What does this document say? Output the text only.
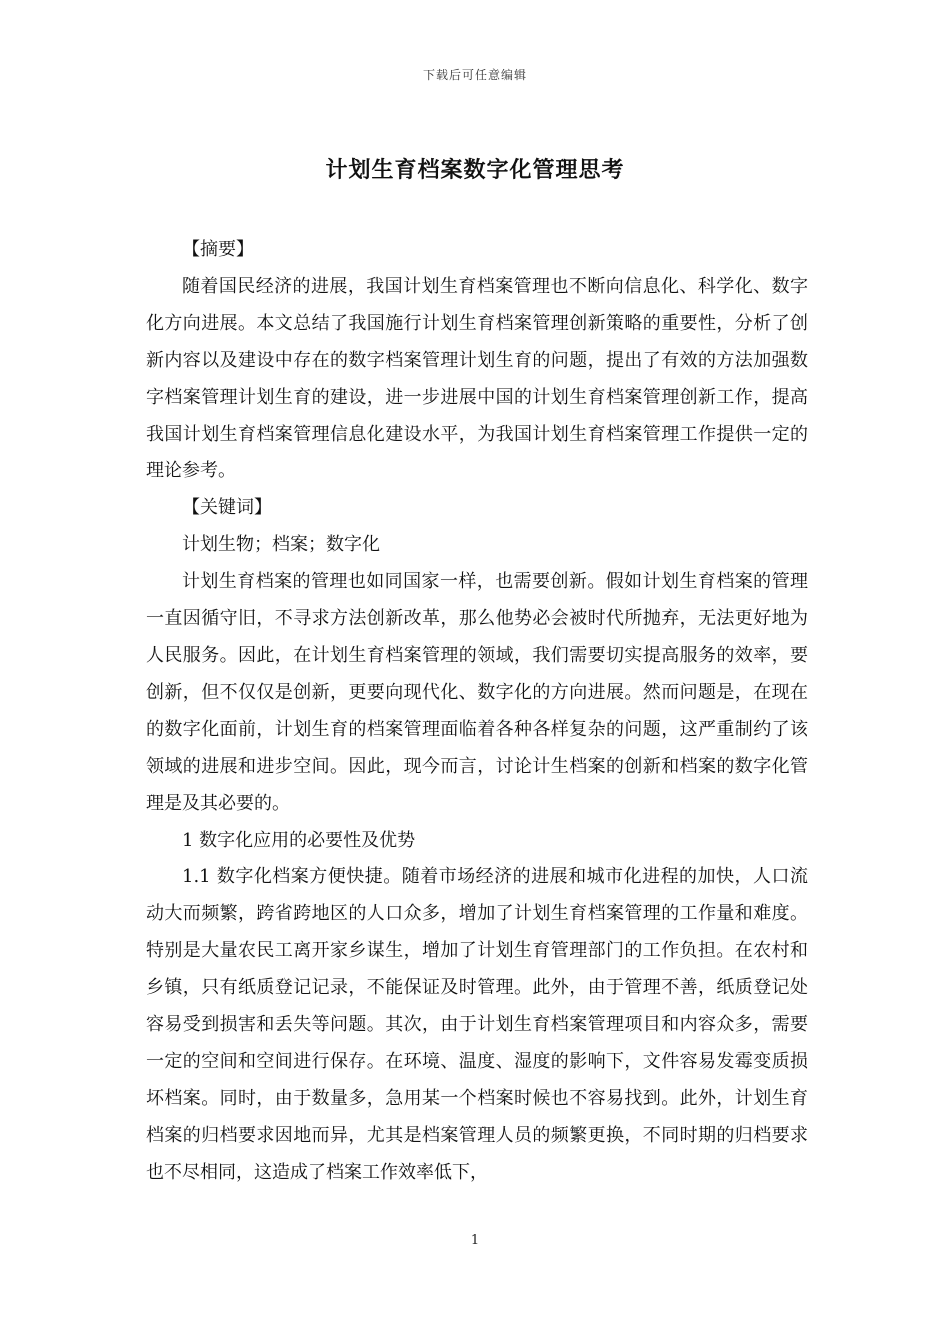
下载后可任意编辑
计划生育档案数字化管理思考

【摘要】

随着国民经济的进展，我国计划生育档案管理也不断向信息化、科学化、数字化方向进展。本文总结了我国施行计划生育档案管理创新策略的重要性，分析了创新内容以及建设中存在的数字档案管理计划生育的问题，提出了有效的方法加强数字档案管理计划生育的建设，进一步进展中国的计划生育档案管理创新工作，提高我国计划生育档案管理信息化建设水平，为我国计划生育档案管理工作提供一定的理论参考。

【关键词】

计划生物；档案；数字化

计划生育档案的管理也如同国家一样，也需要创新。假如计划生育档案的管理一直因循守旧，不寻求方法创新改革，那么他势必会被时代所抛弃，无法更好地为人民服务。因此，在计划生育档案管理的领域，我们需要切实提高服务的效率，要创新，但不仅仅是创新，更要向现代化、数字化的方向进展。然而问题是，在现在的数字化面前，计划生育的档案管理面临着各种各样复杂的问题，这严重制约了该领域的进展和进步空间。因此，现今而言，讨论计生档案的创新和档案的数字化管理是及其必要的。

1 数字化应用的必要性及优势

1.1 数字化档案方便快捷。随着市场经济的进展和城市化进程的加快，人口流动大而频繁，跨省跨地区的人口众多，增加了计划生育档案管理的工作量和难度。特别是大量农民工离开家乡谋生，增加了计划生育管理部门的工作负担。在农村和乡镇，只有纸质登记记录，不能保证及时管理。此外，由于管理不善，纸质登记处容易受到损害和丢失等问题。其次，由于计划生育档案管理项目和内容众多，需要一定的空间和空间进行保存。在环境、温度、湿度的影响下，文件容易发霉变质损坏档案。同时，由于数量多，急用某一个档案时候也不容易找到。此外，计划生育档案的归档要求因地而异，尤其是档案管理人员的频繁更换，不同时期的归档要求也不尽相同，这造成了档案工作效率低下，

1
